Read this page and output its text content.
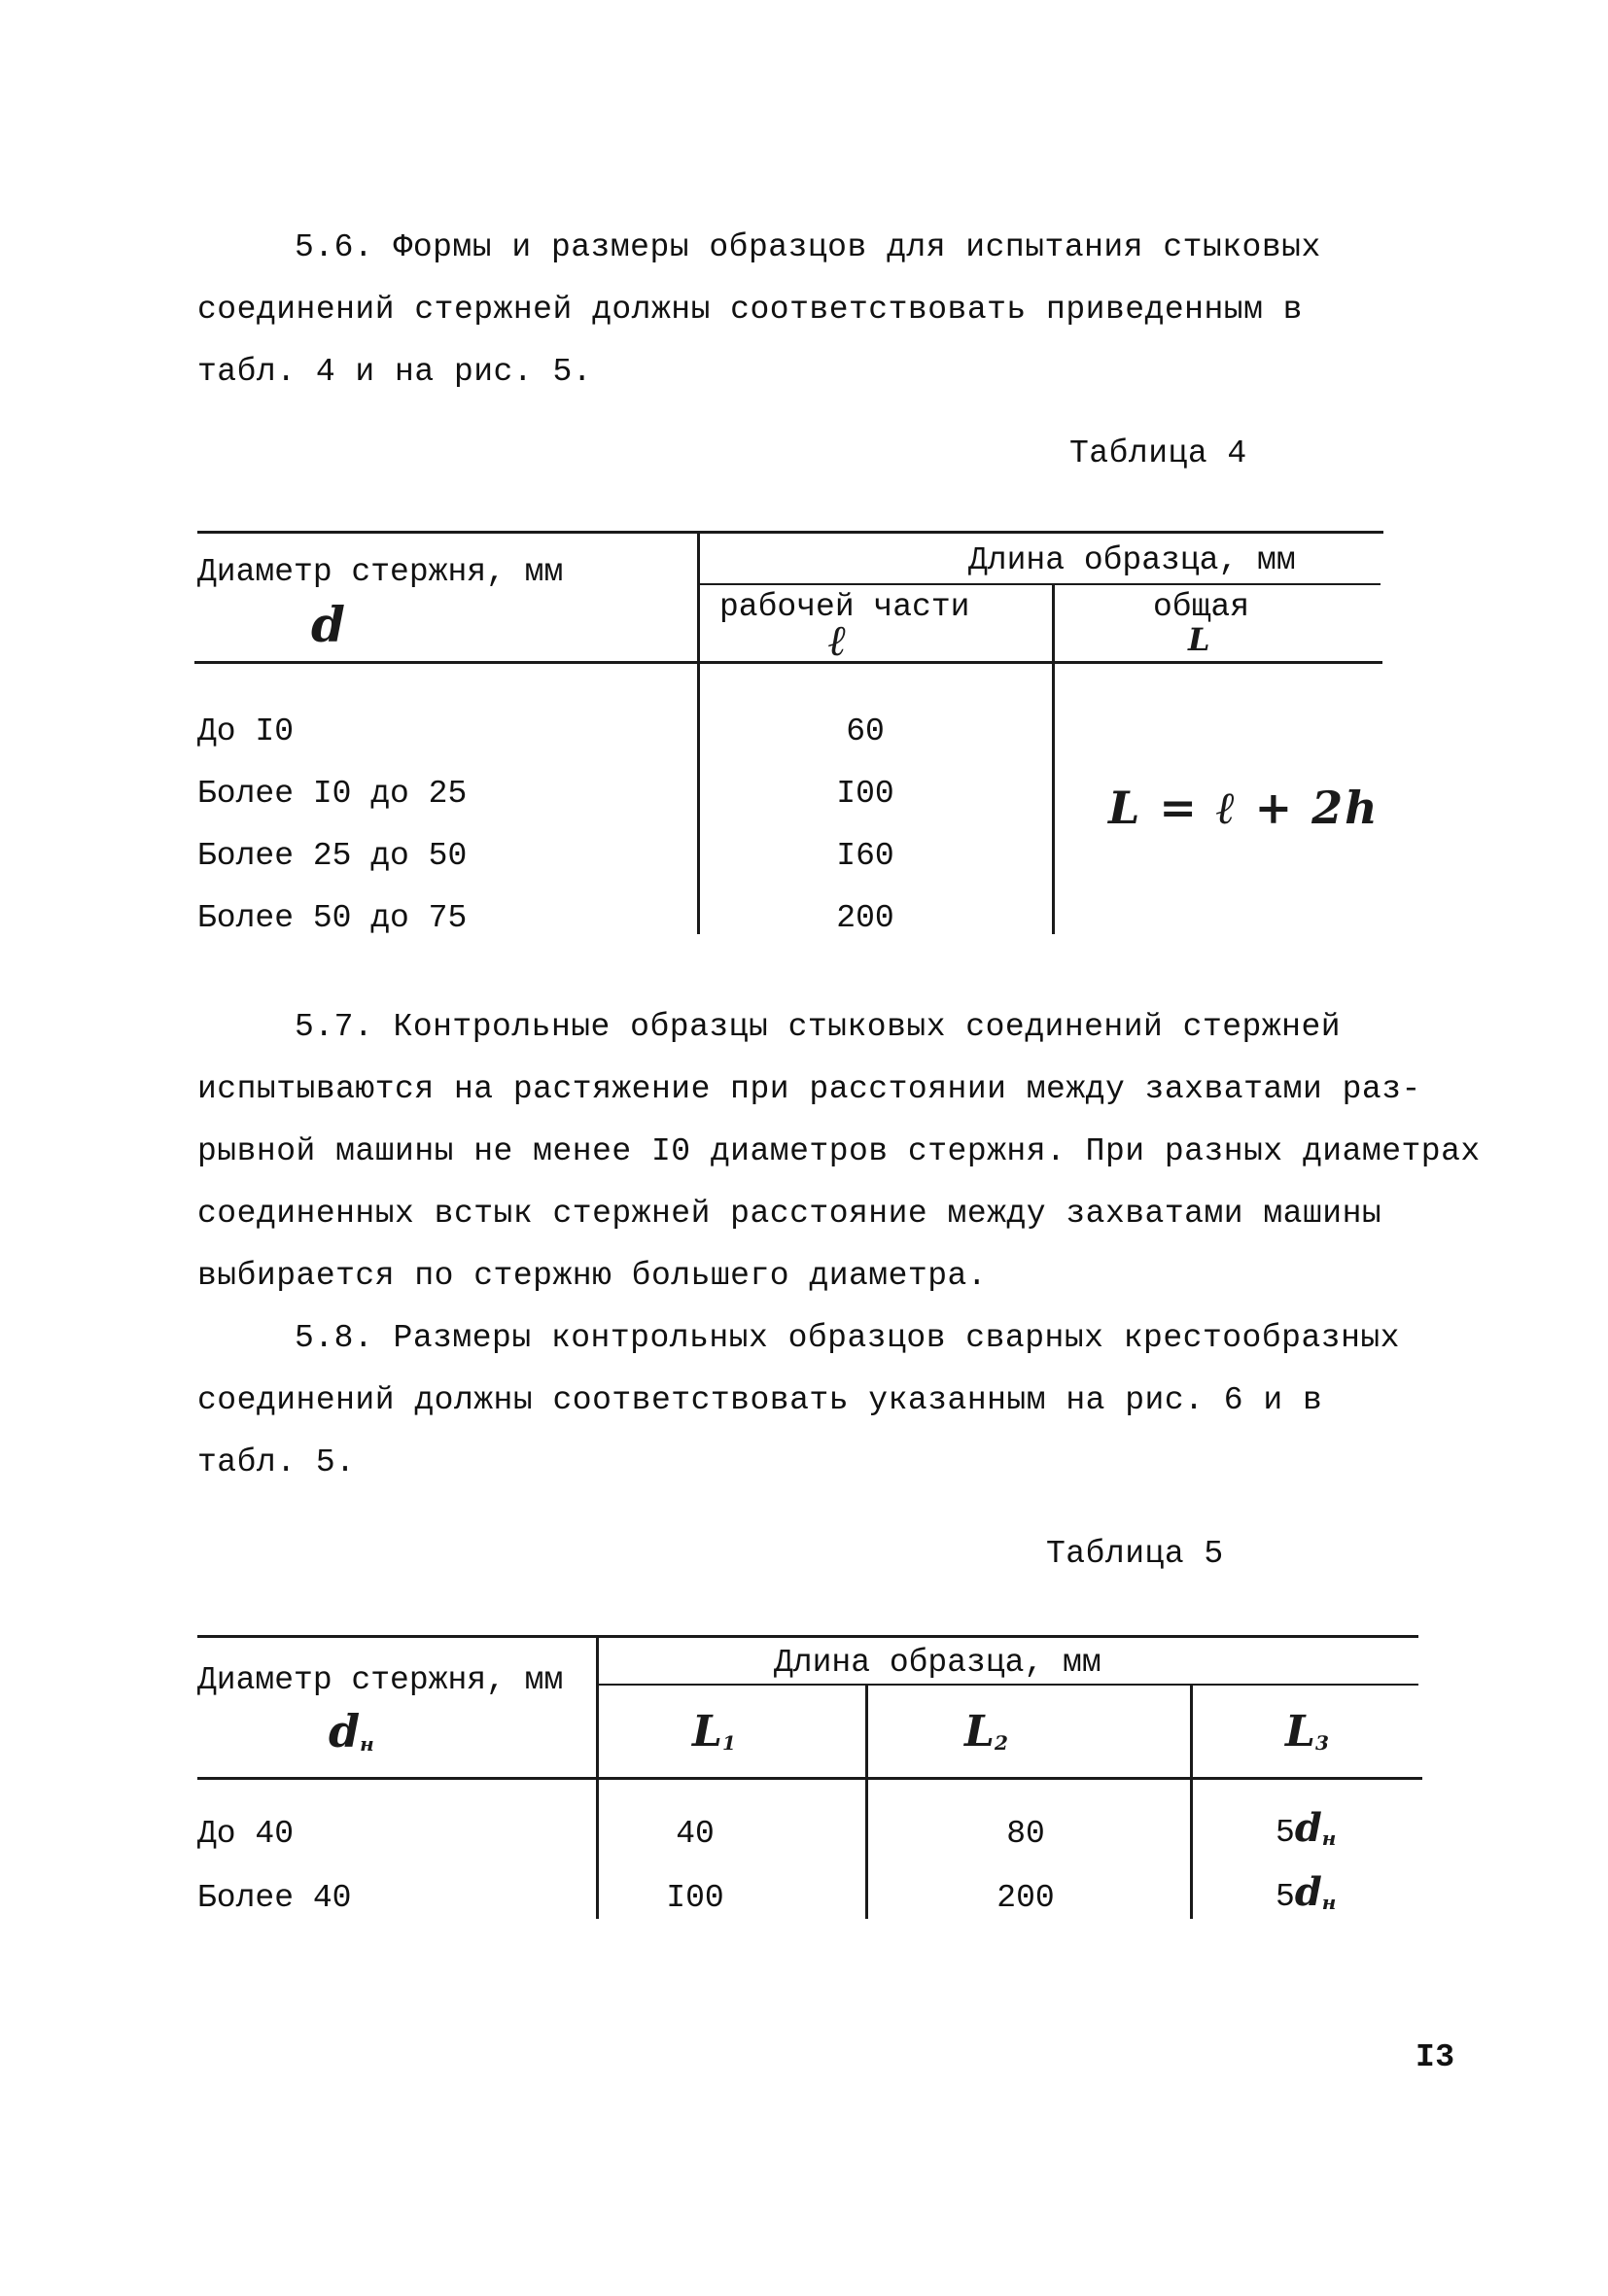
5.6. Формы и размеры образцов для испытания стыковых
соединений стержней должны соответствовать приведенным в
табл. 4 и на рис. 5.
Таблица 4
Диаметр стержня, мм
d
Длина образца, мм
рабочей части
ℓ
общая
L
До I0	60
Более I0 до 25	I00
Более 25 до 50	I60
Более 50 до 75	200
L = ℓ + 2h
5.7. Контрольные образцы стыковых соединений стержней
испытываются на растяжение при расстоянии между захватами раз-
рывной машины не менее I0 диаметров стержня. При разных диаметрах
соединенных встык стержней расстояние между захватами машины
выбирается по стержню большего диаметра.
5.8. Размеры контрольных образцов сварных крестообразных
соединений должны соответствовать указанным на рис. 6 и в
табл. 5.
Таблица 5
Диаметр стержня, мм
$d_н$
Длина образца, мм
$L_1$	$L_2$	$L_3$
До 40	40	80	$5d_н$
Более 40	I00	200	$5d_н$
I3
